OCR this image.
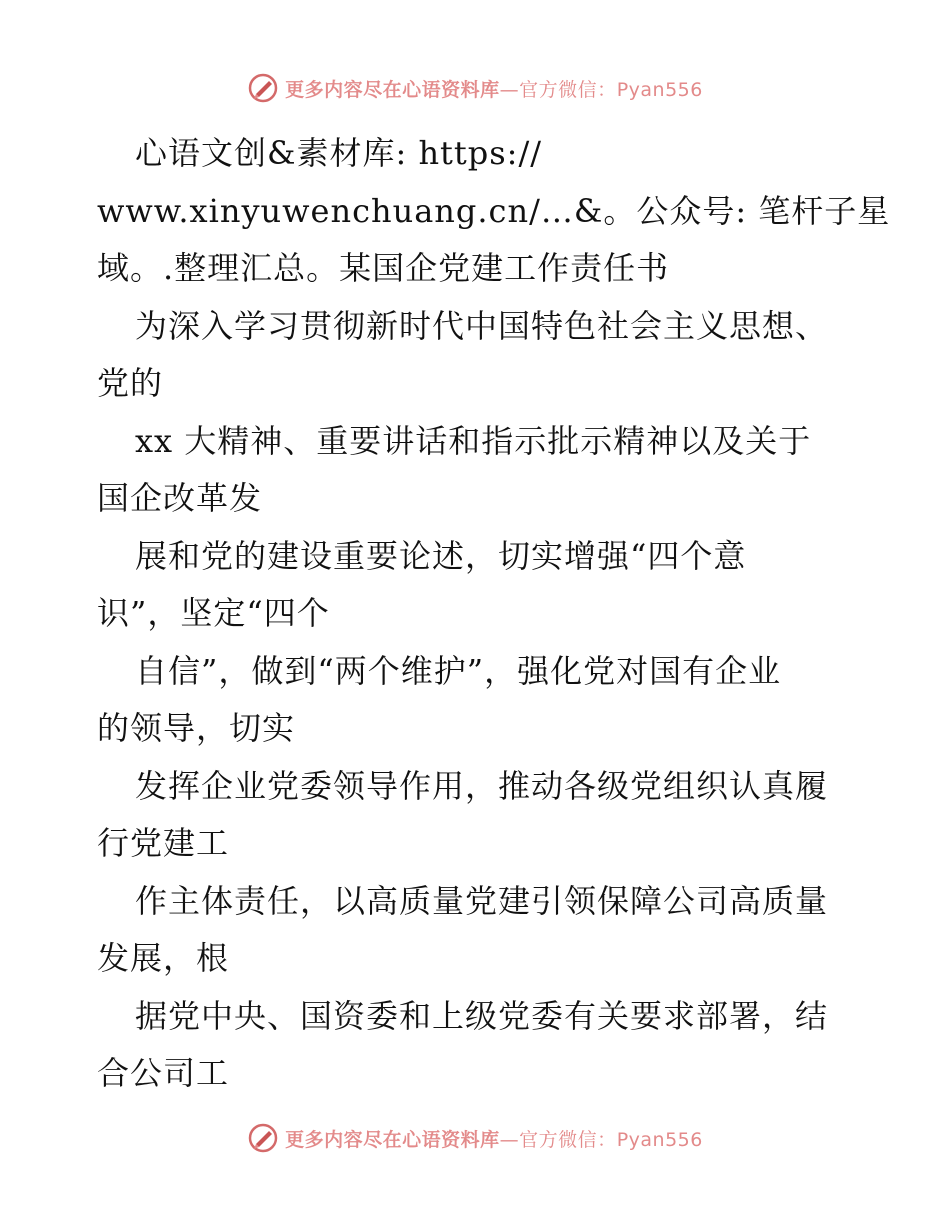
更多内容尽在心语资料库—官方微信：Pyan556
心语文创&素材库: https://
www.xinyuwenchuang.cn/…&。公众号: 笔杆子星
域。.整理汇总。某国企党建工作责任书
为深入学习贯彻新时代中国特色社会主义思想、
党的
xx 大精神、重要讲话和指示批示精神以及关于
国企改革发
展和党的建设重要论述，切实增强“四个意
识”，坚定“四个
自信”，做到“两个维护”，强化党对国有企业
的领导，切实
发挥企业党委领导作用，推动各级党组织认真履
行党建工
作主体责任，以高质量党建引领保障公司高质量
发展，根
据党中央、国资委和上级党委有关要求部署，结
合公司工
更多内容尽在心语资料库—官方微信：Pyan556
